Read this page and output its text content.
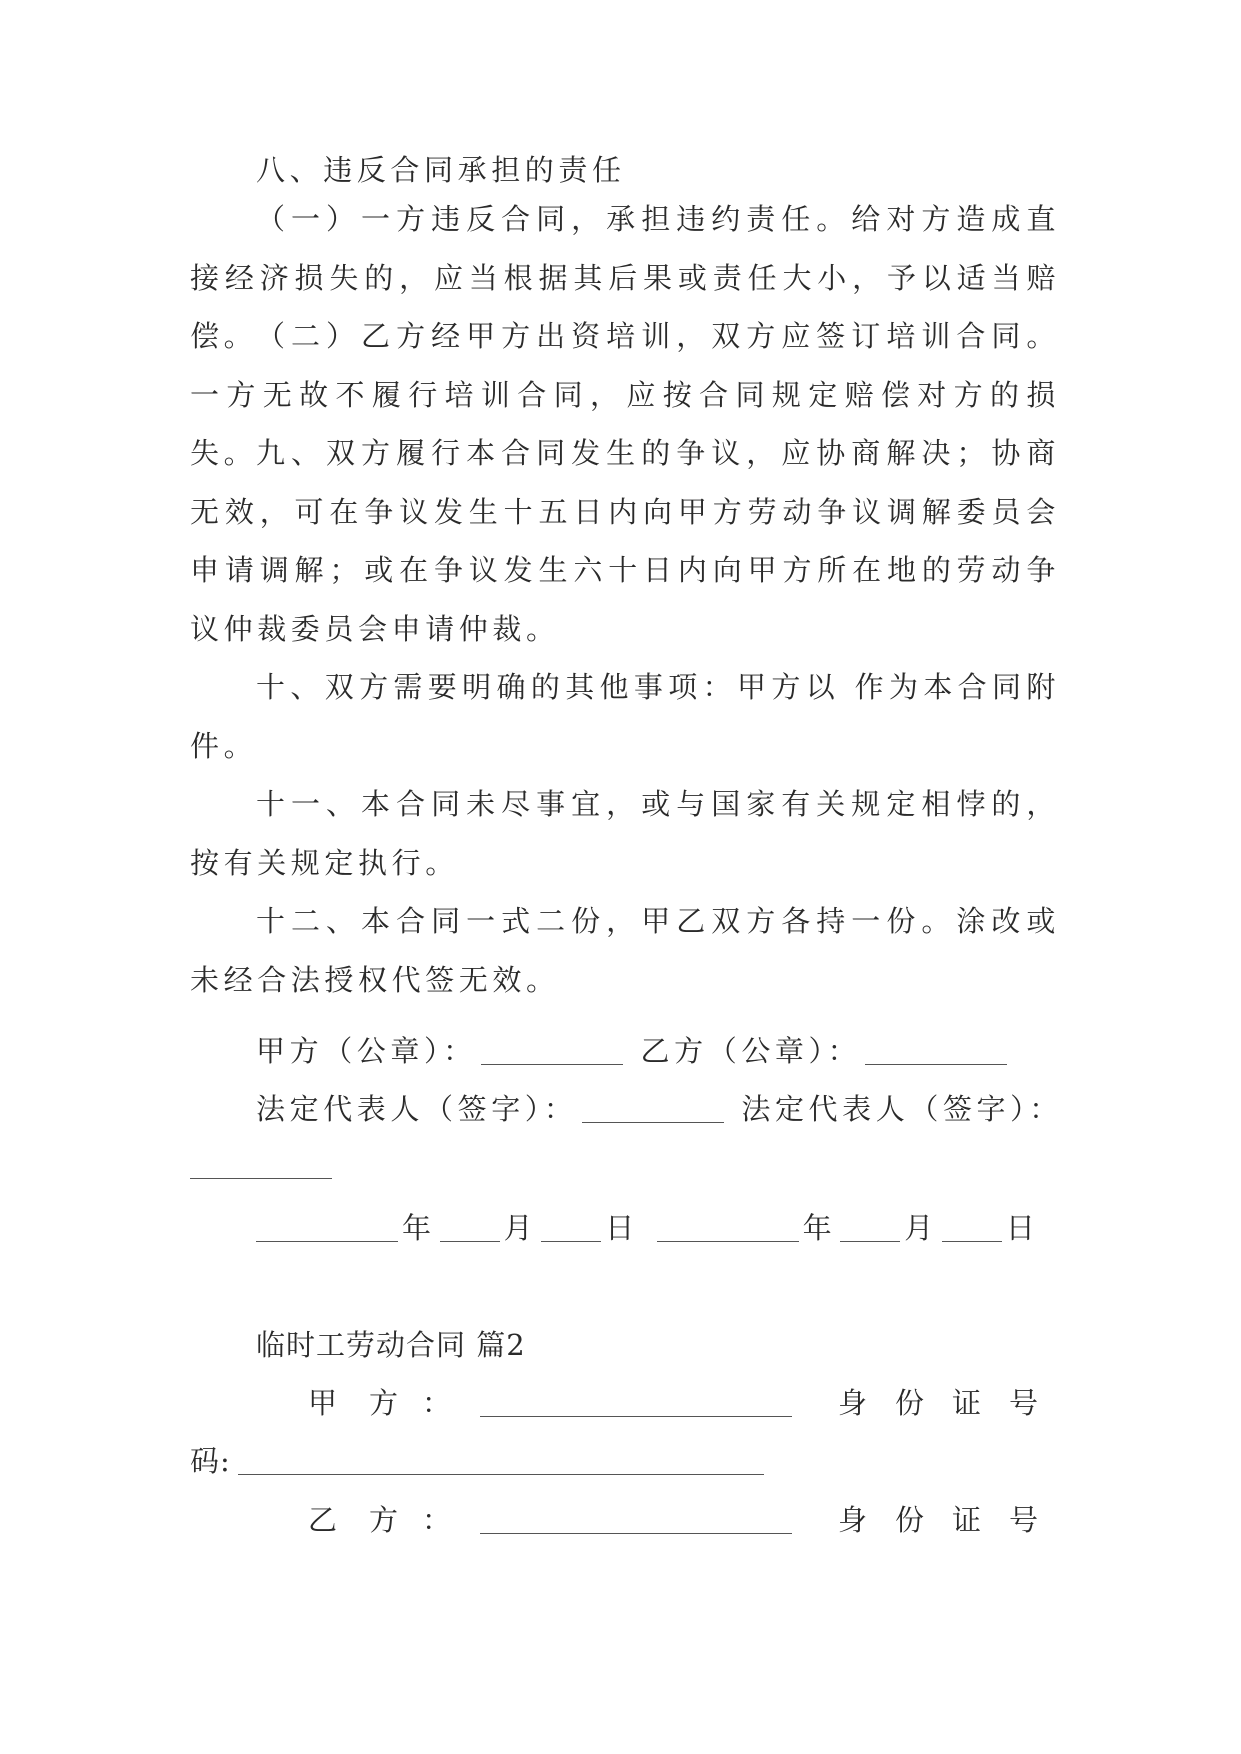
八、违反合同承担的责任
（一）一方违反合同，承担违约责任。给对方造成直接经济损失的，应当根据其后果或责任大小，予以适当赔偿。
（二）乙方经甲方出资培训，双方应签订培训合同。一方无故不履行培训合同，应按合同规定赔偿对方的损失。
九、双方履行本合同发生的争议，应协商解决；协商无效，可在争议发生十五日内向甲方劳动争议调解委员会申请调解；或在争议发生六十日内向甲方所在地的劳动争议仲裁委员会申请仲裁。
十、双方需要明确的其他事项：甲方以 作为本合同附件。
十一、本合同未尽事宜，或与国家有关规定相悖的，按有关规定执行。
十二、本合同一式二份，甲乙双方各持一份。涂改或未经合法授权代签无效。
甲方（公章）：	乙方（公章）：
法定代表人（签字）：	法定代表人（签字）：
年 月 日	年 月 日
临时工劳动合同 篇2
甲 方 ：	身 份 证 号
码:
乙 方 ：	身 份 证 号
